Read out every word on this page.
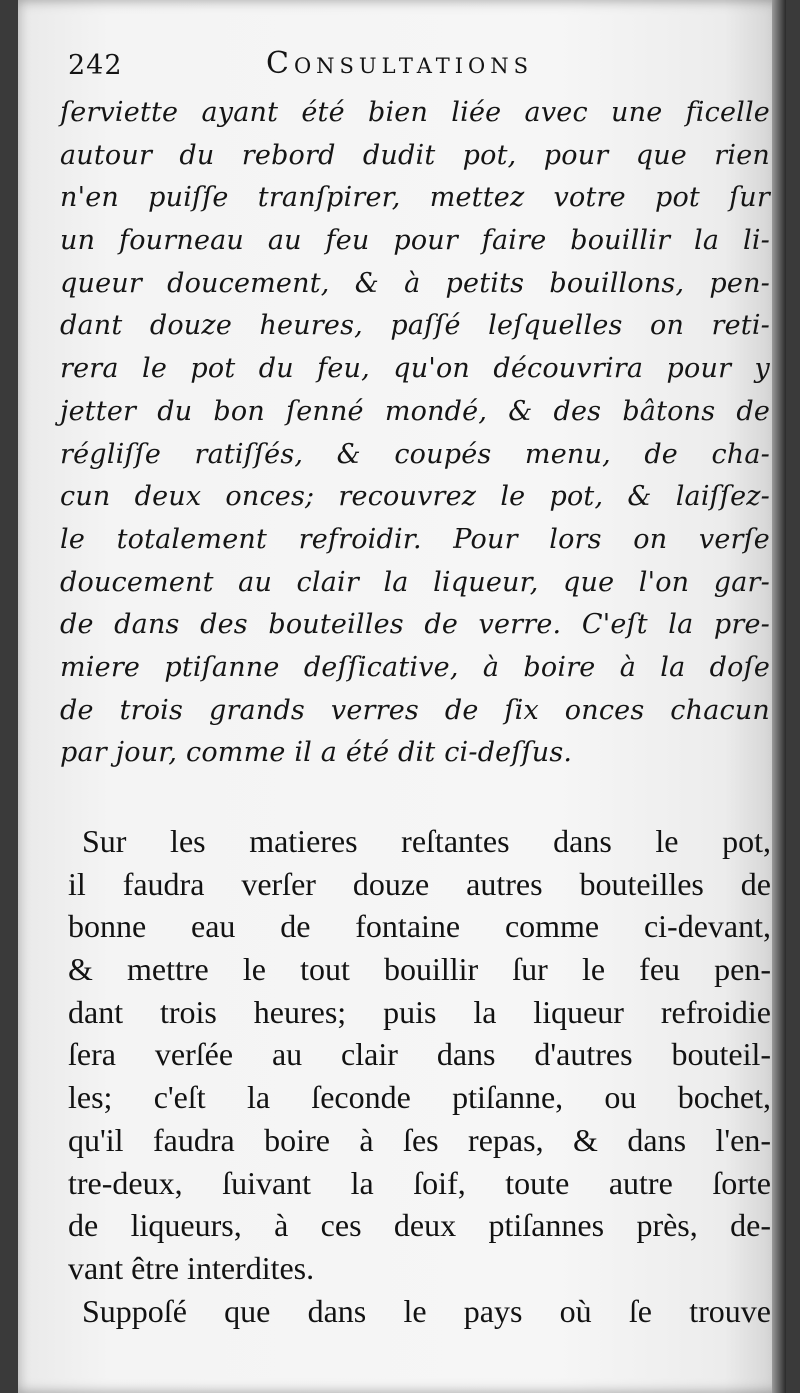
242	Consultations
ſerviette ayant été bien liée avec une ficelle
autour du rebord dudit pot, pour que rien
n'en puiſſe tranſpirer, mettez votre pot ſur
un fourneau au feu pour faire bouillir la li-
queur doucement, & à petits bouillons, pen-
dant douze heures, paſſé leſquelles on reti-
rera le pot du feu, qu'on découvrira pour y
jetter du bon ſenné mondé, & des bâtons de
régliſſe ratiſſés, & coupés menu, de cha-
cun deux onces; recouvrez le pot, & laiſſez-
le totalement refroidir. Pour lors on verſe
doucement au clair la liqueur, que l'on gar-
de dans des bouteilles de verre. C'eſt la pre-
miere ptiſanne deſſicative, à boire à la doſe
de trois grands verres de ſix onces chacun
par jour, comme il a été dit ci-deſſus.
Sur les matieres reſtantes dans le pot,
il faudra verſer douze autres bouteilles de
bonne eau de fontaine comme ci-devant,
& mettre le tout bouillir ſur le feu pen-
dant trois heures; puis la liqueur refroidie
ſera verſée au clair dans d'autres bouteil-
les; c'eſt la ſeconde ptiſanne, ou bochet,
qu'il faudra boire à ſes repas, & dans l'en-
tre-deux, ſuivant la ſoif, toute autre ſorte
de liqueurs, à ces deux ptiſannes près, de-
vant être interdites.
Suppoſé que dans le pays où ſe trouve
